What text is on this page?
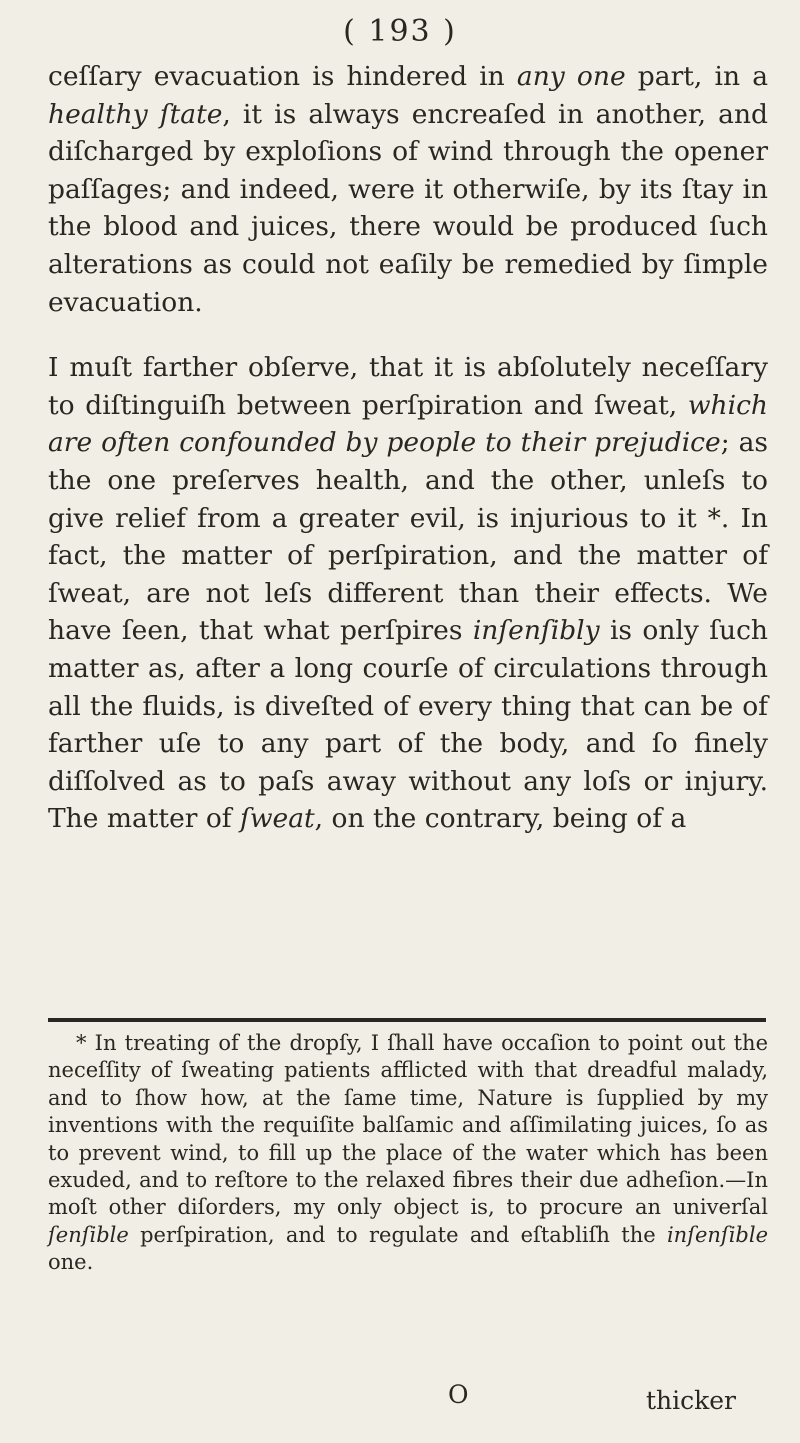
( 193 )

ceſſary evacuation is hindered in any one part, in a healthy ſtate, it is always encreaſed in another, and diſcharged by exploſions of wind through the opener paſſages; and indeed, were it otherwiſe, by its ſtay in the blood and juices, there would be produced ſuch alterations as could not eaſily be remedied by ſimple evacuation.

I muſt farther obſerve, that it is abſolutely neceſſary to diſtinguiſh between perſpiration and ſweat, which are often confounded by people to their prejudice; as the one preſerves health, and the other, unleſs to give relief from a greater evil, is injurious to it *. In fact, the matter of perſpiration, and the matter of ſweat, are not leſs different than their effects. We have ſeen, that what perſpires inſenſibly is only ſuch matter as, after a long courſe of circulations through all the fluids, is diveſted of every thing that can be of farther uſe to any part of the body, and ſo finely diſſolved as to paſs away without any loſs or injury. The matter of ſweat, on the contrary, being of a

* In treating of the dropſy, I ſhall have occaſion to point out the neceſſity of ſweating patients afflicted with that dreadful malady, and to ſhow how, at the ſame time, Nature is ſupplied by my inventions with the requiſite balſamic and aſſimilating juices, ſo as to prevent wind, to fill up the place of the water which has been exuded, and to reſtore to the relaxed fibres their due adheſion.—In moſt other diſorders, my only object is, to procure an univerſal ſenſible perſpiration, and to regulate and eſtabliſh the inſenſible one.

O	thicker
